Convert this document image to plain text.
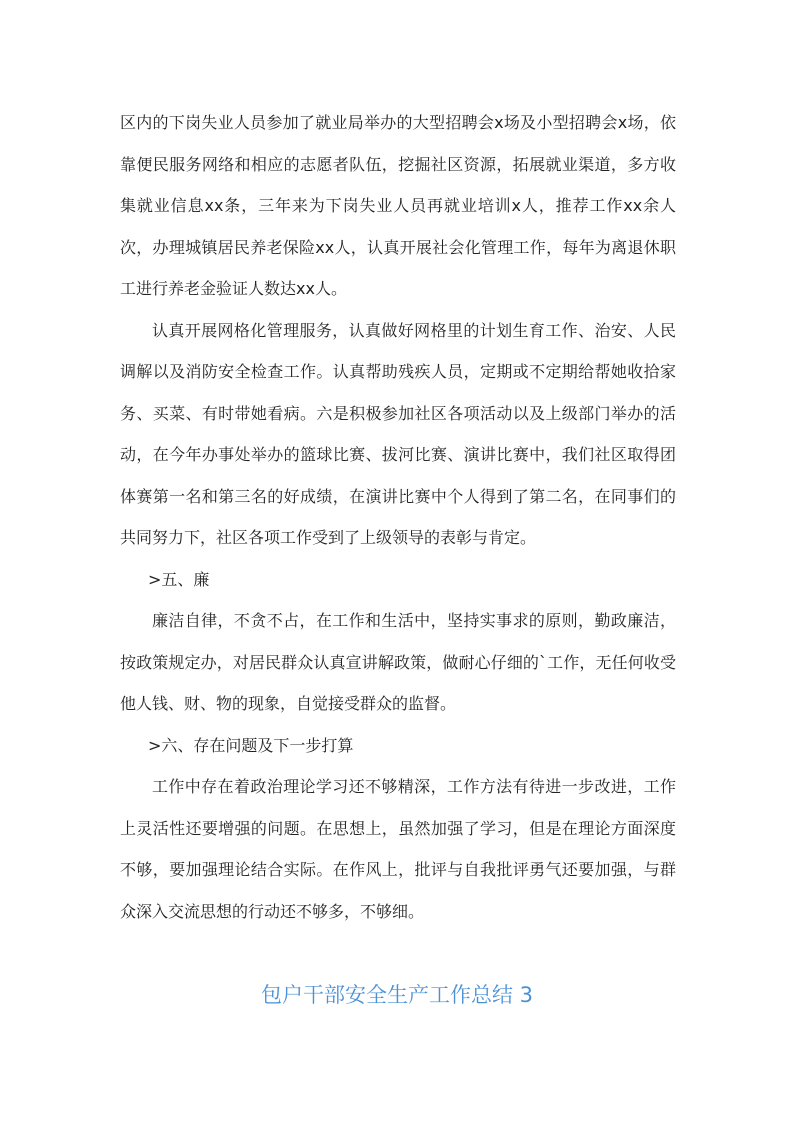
区内的下岗失业人员参加了就业局举办的大型招聘会x场及小型招聘会x场，依靠便民服务网络和相应的志愿者队伍，挖掘社区资源，拓展就业渠道，多方收集就业信息xx条，三年来为下岗失业人员再就业培训x人，推荐工作xx余人次，办理城镇居民养老保险xx人，认真开展社会化管理工作，每年为离退休职工进行养老金验证人数达xx人。

认真开展网格化管理服务，认真做好网格里的计划生育工作、治安、人民调解以及消防安全检查工作。认真帮助残疾人员，定期或不定期给帮她收拾家务、买菜、有时带她看病。六是积极参加社区各项活动以及上级部门举办的活动，在今年办事处举办的篮球比赛、拔河比赛、演讲比赛中，我们社区取得团体赛第一名和第三名的好成绩，在演讲比赛中个人得到了第二名，在同事们的共同努力下，社区各项工作受到了上级领导的表彰与肯定。

>五、廉

廉洁自律，不贪不占，在工作和生活中，坚持实事求的原则，勤政廉洁，按政策规定办，对居民群众认真宣讲解政策，做耐心仔细的`工作，无任何收受他人钱、财、物的现象，自觉接受群众的监督。

>六、存在问题及下一步打算

工作中存在着政治理论学习还不够精深，工作方法有待进一步改进，工作上灵活性还要增强的问题。在思想上，虽然加强了学习，但是在理论方面深度不够，要加强理论结合实际。在作风上，批评与自我批评勇气还要加强，与群众深入交流思想的行动还不够多，不够细。

包户干部安全生产工作总结 3
